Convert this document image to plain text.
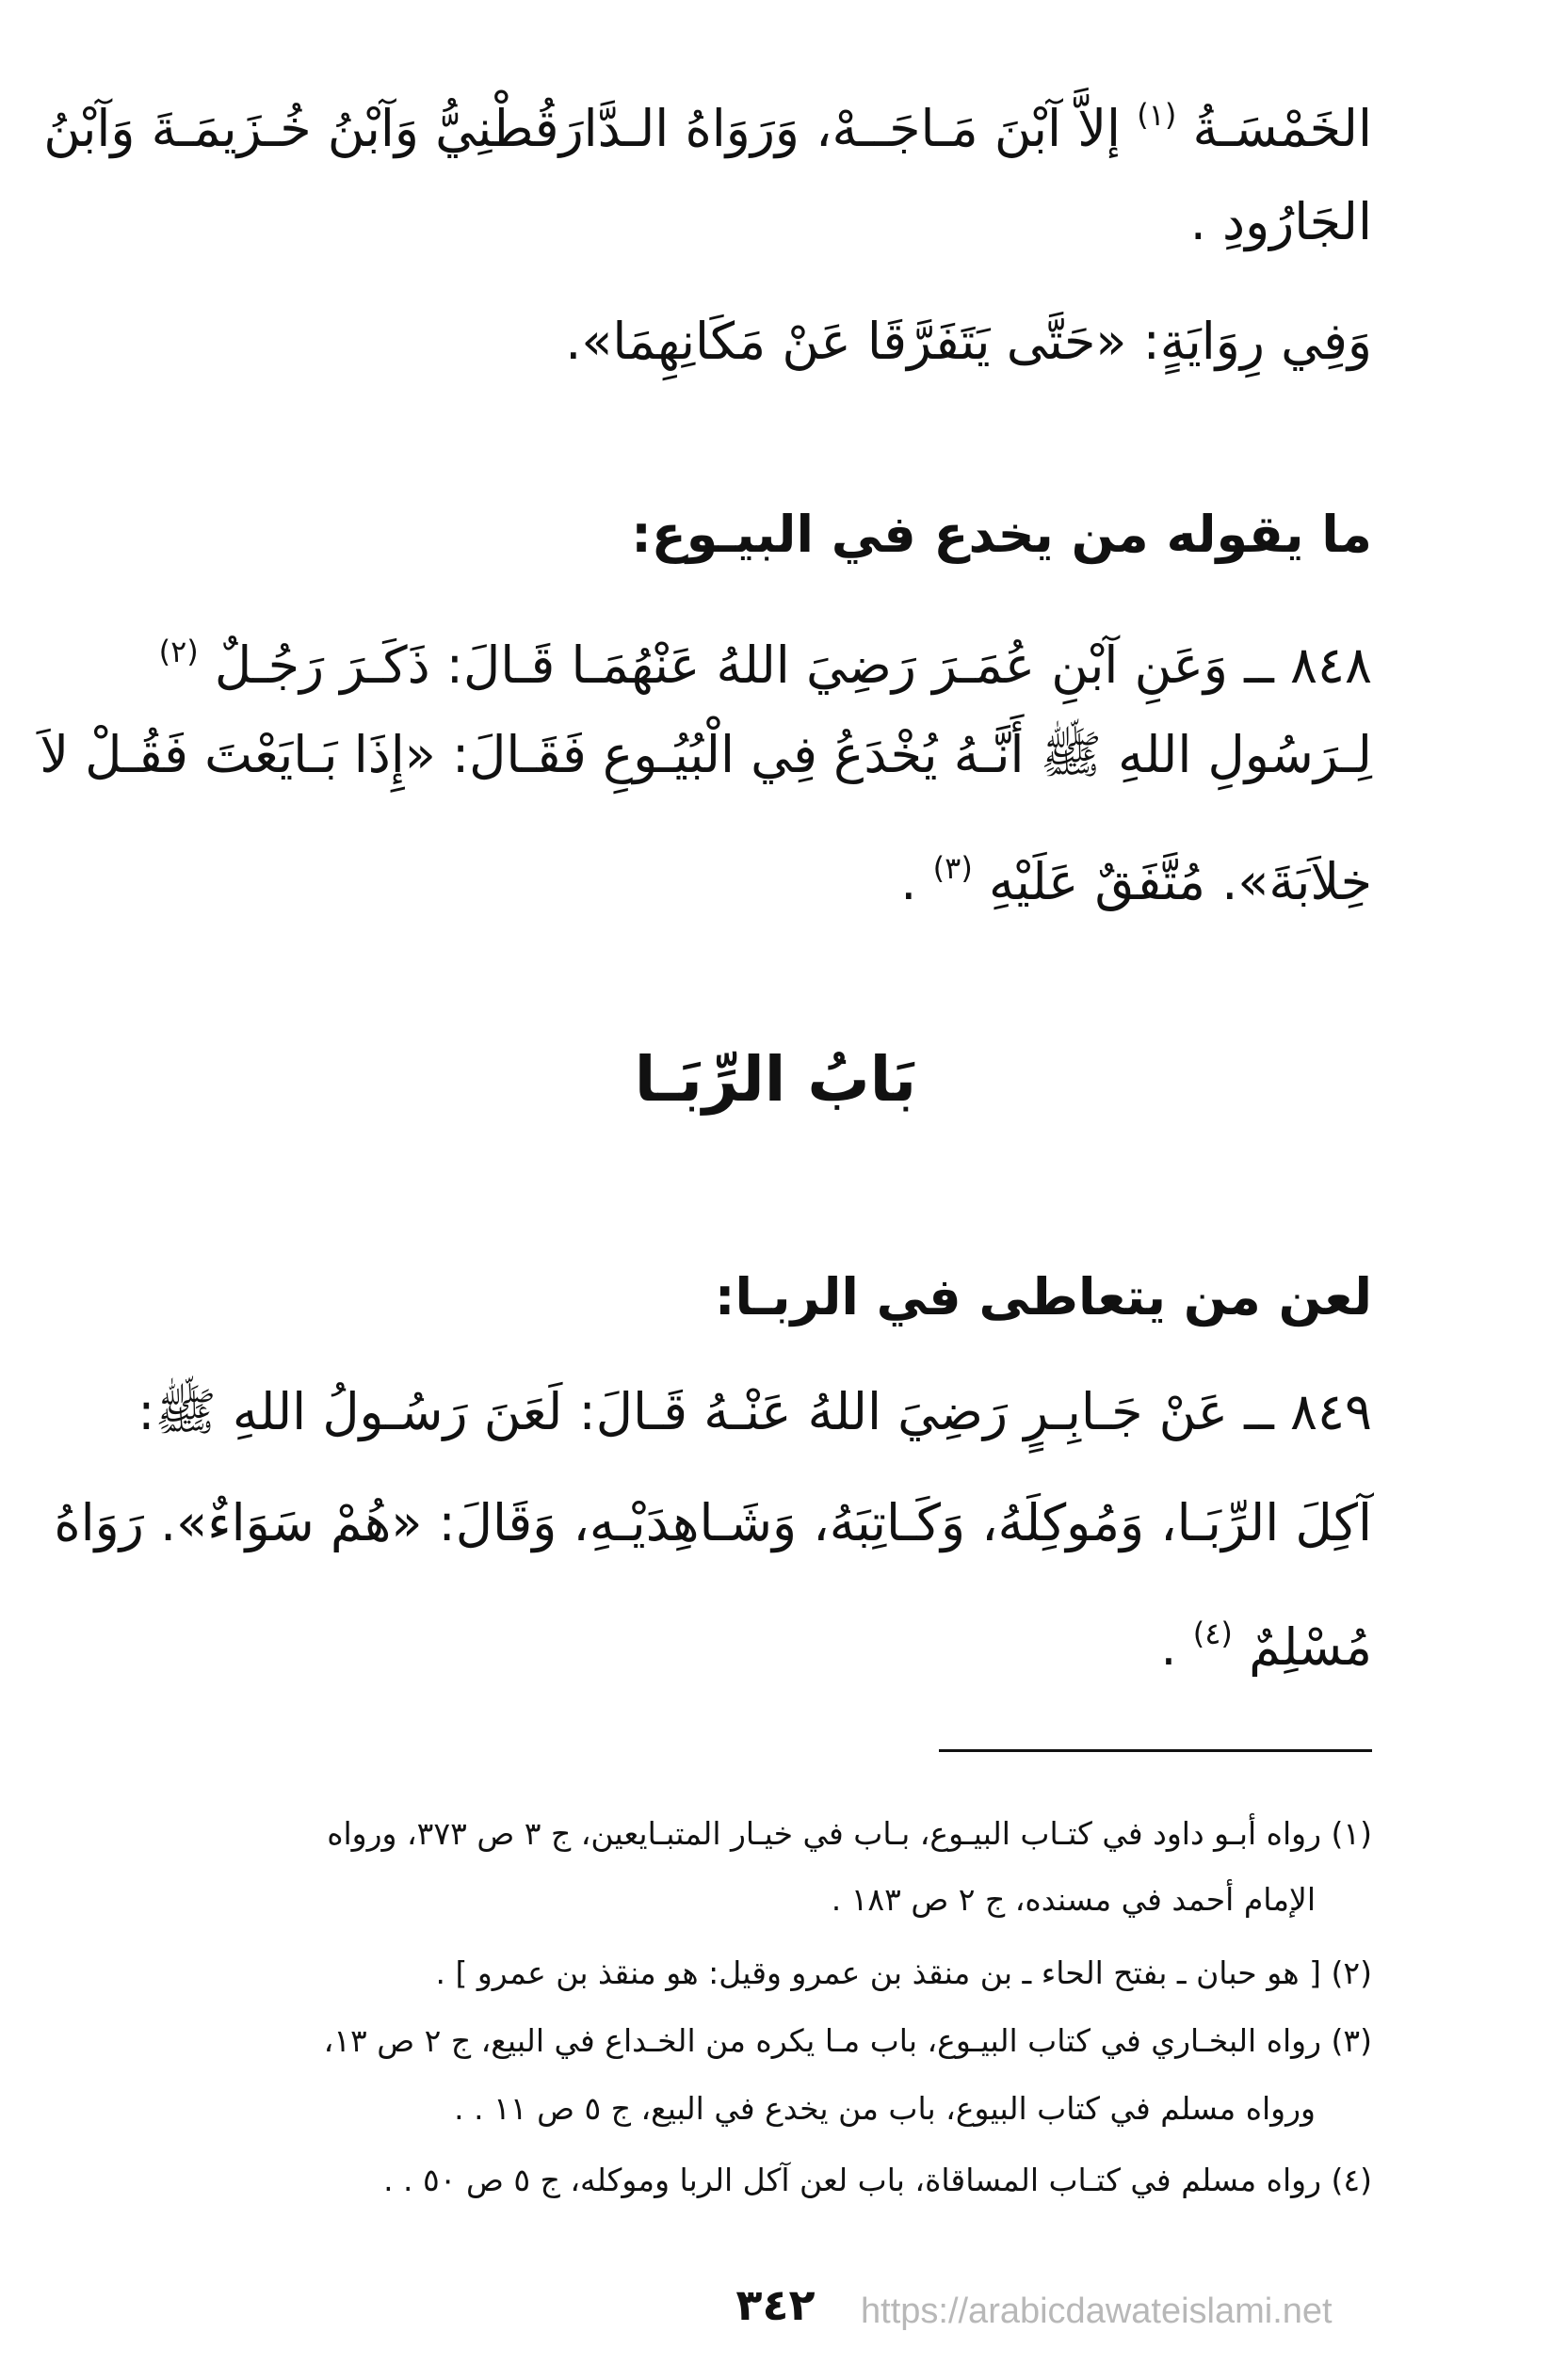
الخَمْسَـةُ $^{(١)}$ إلاَّ آبْنَ مَـاجَــهْ، وَرَوَاهُ الـدَّارَقُطْنِيُّ وَآبْنُ خُـزَيمَـةَ وَآبْنُ
الجَارُودِ .
وَفِي رِوَايَةٍ: «حَتَّى يَتَفَرَّقَا عَنْ مَكَانِهِمَا».
ما يقوله من يخدع في البيـوع:
٨٤٨ ــ وَعَنِ آبْنِ عُمَـرَ رَضِيَ اللهُ عَنْهُمَـا قَـالَ: ذَكَـرَ رَجُـلٌ $^{(٢)}$
لِـرَسُولِ اللهِ ﷺ أَنَّـهُ يُخْدَعُ فِي الْبُيُـوعِ فَقَـالَ: «إِذَا بَـايَعْتَ فَقُـلْ لاَ
خِلاَبَةَ». مُتَّفَقٌ عَلَيْهِ $^{(٣)}$ .
بَابُ الرِّبَـا
لعن من يتعاطى في الربـا:
٨٤٩ ــ عَنْ جَـابِـرٍ رَضِيَ اللهُ عَنْـهُ قَـالَ: لَعَنَ رَسُـولُ اللهِ ﷺ:
آكِلَ الرِّبَـا، وَمُوكِلَهُ، وَكَـاتِبَهُ، وَشَـاهِدَيْـهِ، وَقَالَ: «هُمْ سَوَاءٌ». رَوَاهُ
مُسْلِمٌ $^{(٤)}$ .
(١) رواه أبـو داود في كتـاب البيـوع، بـاب في خيـار المتبـايعين، ج ٣ ص ٣٧٣، ورواه
الإمام أحمد في مسنده، ج ٢ ص ١٨٣ .
(٢) [ هو حبان ـ بفتح الحاء ـ بن منقذ بن عمرو وقيل: هو منقذ بن عمرو ] .
(٣) رواه البخـاري في كتاب البيـوع، باب مـا يكره من الخـداع في البيع، ج ٢ ص ١٣،
ورواه مسلم في كتاب البيوع، باب من يخدع في البيع، ج ٥ ص ١١ . .
(٤) رواه مسلم في كتـاب المساقاة، باب لعن آكل الربا وموكله، ج ٥ ص ٥٠ . .
٣٤٢	https://arabicdawateislami.net
